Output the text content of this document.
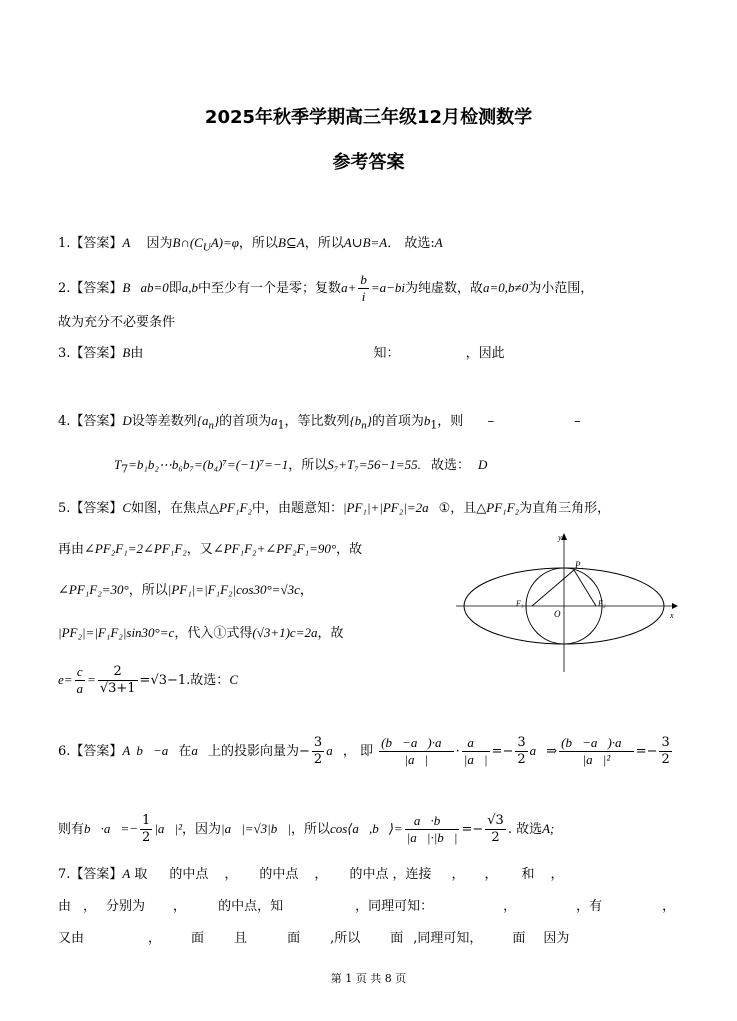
2025年秋季学期高三年级12月检测数学
参考答案
1.【答案】A 因为$B\cap(C_UA)=\varphi$，所以B⊆A，所以A∪B=A． 故选:A
2.【答案】B ab=0即a,b中至少有一个是零；复数$a+ \frac{b}{i} =a-bi$为纯虚数，故a=0,b≠0为小范围，
故为充分不必要条件
3.【答案】B由	知：	，因此
4.【答案】D设等差数列$\{a_n\}$的首项为$a_1$，等比数列$\{b_n\}$的首项为$b_1$，则 –	–
$T_7=b_1b_2\cdots b_6b_7=(b_4)^7=(-1)^7=-1$，所以S₇+T₇=56−1=55. 故选： D
5.【答案】C如图，在焦点△PF₁F₂中，由题意知：|PF₁|+|PF₂|=2a ①，且△PF₁F₂为直角三角形，
再由∠PF₂F₁=2∠PF₁F₂，又∠PF₁F₂+∠PF₂F₁=90°，故
∠PF₁F₂=30°，所以|PF₁|=|F₁F₂|cos30°=√3c，
|PF₂|=|F₁F₂|sin30°=c，代入①式得(√3+1)c=2a，故
$e= \frac{c}{a} = \frac{2}{√3+1} =√3-1$.故选：C
y
x
P
F₁	F₂
O
6.【答案】A b⃗−a⃗在a⃗上的投影向量为− $\frac{3}{2}$ a⃗， 即 $\frac{(b⃗-a⃗)\cdot a⃗}{|a⃗|} \cdot \frac{a⃗}{|a⃗|} =- \frac{3}{2}$ a⃗⇒ $\frac{(b⃗-a⃗)\cdot a⃗}{\text{|a⃗|²}} =- \frac{3}{2}$
则有b⃗·a⃗=− $\frac{1}{2}$ |a⃗|²，因为|a⃗|=√3|b⃗|，所以cos⟨a⃗,b⃗⟩= $\frac{a⃗\cdot b⃗}{|a⃗|\cdot|b⃗|} =- \frac{√3}{2}$ . 故选A;
7.【答案】A 取 的中点 ， 的中点 ， 的中点 ，连接 ， ， 和 ，
由 ， 分别为 ， 的中点，知	，同理可知：	，	，有	，
又由	， 面 且	面 ,所以 面 ,同理可知， 面 因为
第 1 页 共 8 页
